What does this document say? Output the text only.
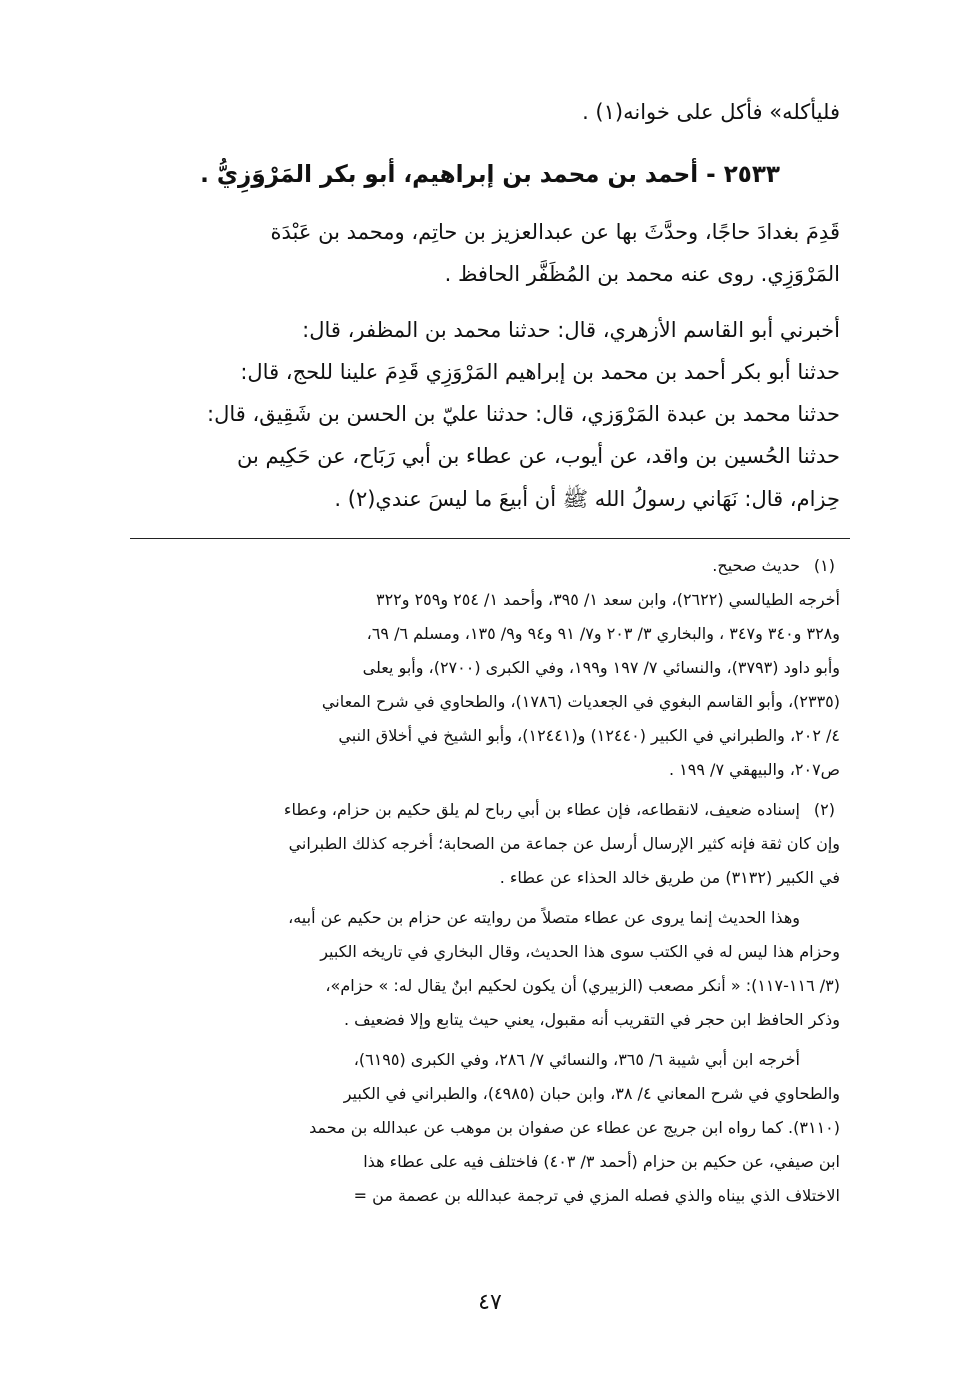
فليأكله» فأكل على خوانه(١) .
٢٥٣٣ - أحمد بن محمد بن إبراهيم، أبو بكر المَرْوَزِيُّ .
قَدِمَ بغدادَ حاجًا، وحدَّثَ بها عن عبدالعزيز بن حاتِم، ومحمد بن عَبْدَة
المَرْوَزِي. روى عنه محمد بن المُظَفَّر الحافظ .
أخبرني أبو القاسم الأزهري، قال: حدثنا محمد بن المظفر، قال:
حدثنا أبو بكر أحمد بن محمد بن إبراهيم المَرْوَزِي قَدِمَ علينا للحج، قال:
حدثنا محمد بن عبدة المَرْوَزي، قال: حدثنا عليّ بن الحسن بن شَقِيق، قال:
حدثنا الحُسين بن واقد، عن أيوب، عن عطاء بن أبي رَبَاح، عن حَكِيم بن
حِزام، قال: نَهَاني رسولُ الله ﷺ أن أبيعَ ما ليسَ عندي(٢) .
(١)
حديث صحيح.
أخرجه الطيالسي (٢٦٢٢)، وابن سعد ١/ ٣٩٥، وأحمد ١/ ٢٥٤ و٢٥٩ و٣٢٢
و٣٢٨ و٣٤٠ و٣٤٧ ، والبخاري ٣/ ٢٠٣ و٧/ ٩١ و٩٤ و٩/ ١٣٥، ومسلم ٦/ ٦٩،
وأبو داود (٣٧٩٣)، والنسائي ٧/ ١٩٧ و١٩٩، وفي الكبرى (٢٧٠٠)، وأبو يعلى
(٢٣٣٥)، وأبو القاسم البغوي في الجعديات (١٧٨٦)، والطحاوي في شرح المعاني
٤/ ٢٠٢، والطبراني في الكبير (١٢٤٤٠) و(١٢٤٤١)، وأبو الشيخ في أخلاق النبي
ص٢٠٧، والبيهقي ٧/ ١٩٩ .
(٢)
إسناده ضعيف، لانقطاعه، فإن عطاء بن أبي رباح لم يلق حكيم بن حزام، وعطاء
وإن كان ثقة فإنه كثير الإرسال أرسل عن جماعة من الصحابة؛ أخرجه كذلك الطبراني
في الكبير (٣١٣٢) من طريق خالد الحذاء عن عطاء .
وهذا الحديث إنما يروى عن عطاء متصلاً من روايته عن حزام بن حكيم عن أبيه،
وحزام هذا ليس له في الكتب سوى هذا الحديث، وقال البخاري في تاريخه الكبير
(٣/ ١١٦-١١٧): « أنكر مصعب (الزبيري) أن يكون لحكيم ابنٌ يقال له: » حزام»،
وذكر الحافظ ابن حجر في التقريب أنه مقبول، يعني حيث يتابع وإلا فضعيف .
أخرجه ابن أبي شيبة ٦/ ٣٦٥، والنسائي ٧/ ٢٨٦، وفي الكبرى (٦١٩٥)،
والطحاوي في شرح المعاني ٤/ ٣٨، وابن حبان (٤٩٨٥)، والطبراني في الكبير
(٣١١٠). كما رواه ابن جريج عن عطاء عن صفوان بن موهب عن عبدالله بن محمد
ابن صيفي، عن حكيم بن حزام (أحمد ٣/ ٤٠٣) فاختلف فيه على عطاء هذا
الاختلاف الذي بيناه والذي فصله المزي في ترجمة عبدالله بن عصمة من =
٤٧
